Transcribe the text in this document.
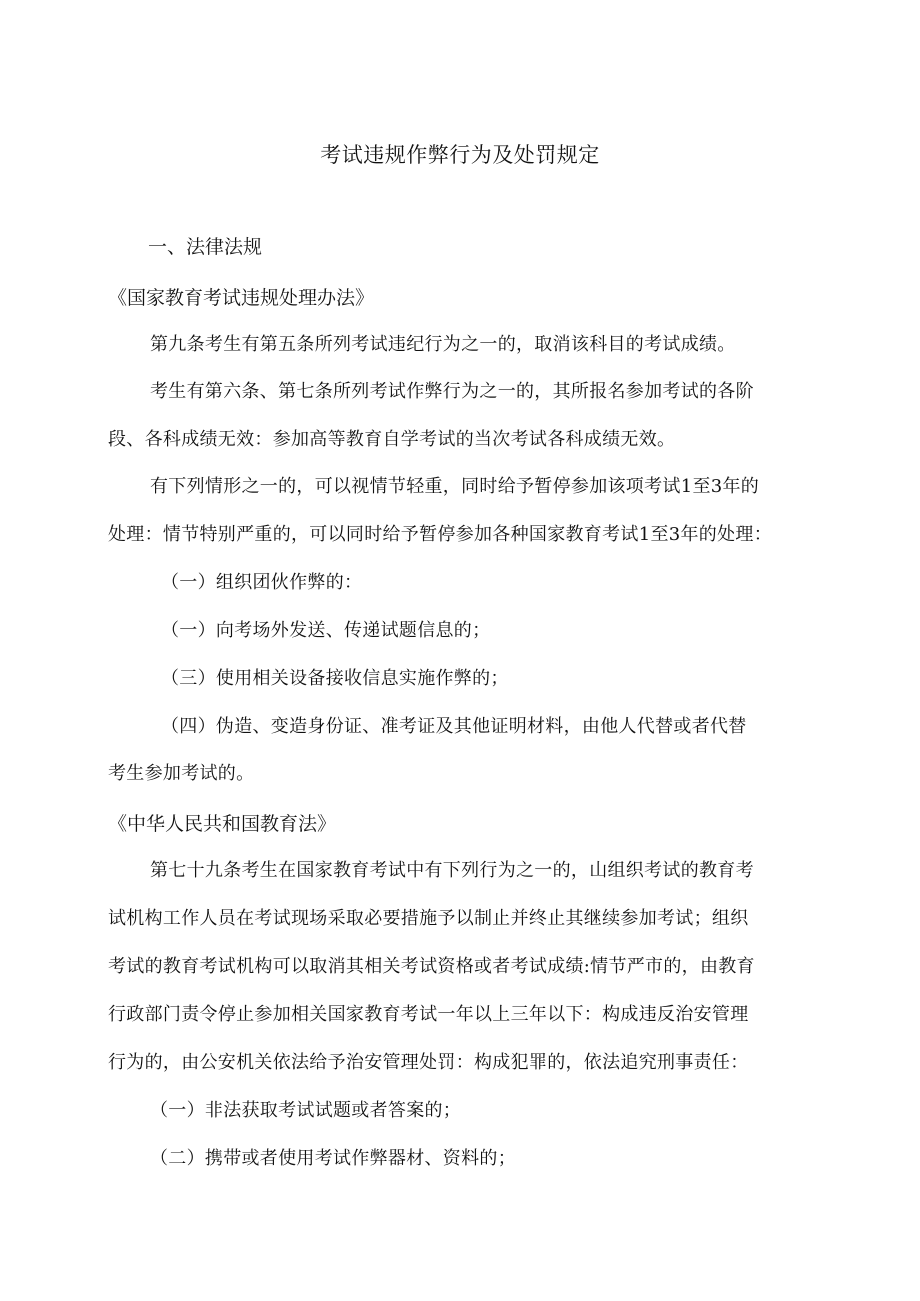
考试违规作弊行为及处罚规定
一、法律法规
《国家教育考试违规处理办法》
第九条考生有第五条所列考试违纪行为之一的，取消该科目的考试成绩。
考生有第六条、第七条所列考试作弊行为之一的，其所报名参加考试的各阶
段、各科成绩无效：参加高等教育自学考试的当次考试各科成绩无效。
有下列情形之一的，可以视情节轻重，同时给予暂停参加该项考试1至3年的
处理：情节特别严重的，可以同时给予暂停参加各种国家教育考试1至3年的处理：
（一）组织团伙作弊的：
（一）向考场外发送、传递试题信息的；
（三）使用相关设备接收信息实施作弊的；
（四）伪造、变造身份证、准考证及其他证明材料，由他人代替或者代替
考生参加考试的。
《中华人民共和国教育法》
第七十九条考生在国家教育考试中有下列行为之一的，山组织考试的教育考
试机构工作人员在考试现场采取必要措施予以制止并终止其继续参加考试；组织
考试的教育考试机构可以取消其相关考试资格或者考试成绩:情节严市的，由教育
行政部门责令停止参加相关国家教育考试一年以上三年以下：构成违反治安管理
行为的，由公安机关依法给予治安管理处罚：构成犯罪的，依法追究刑事责任：
（一）非法获取考试试题或者答案的；
（二）携带或者使用考试作弊器材、资料的；
